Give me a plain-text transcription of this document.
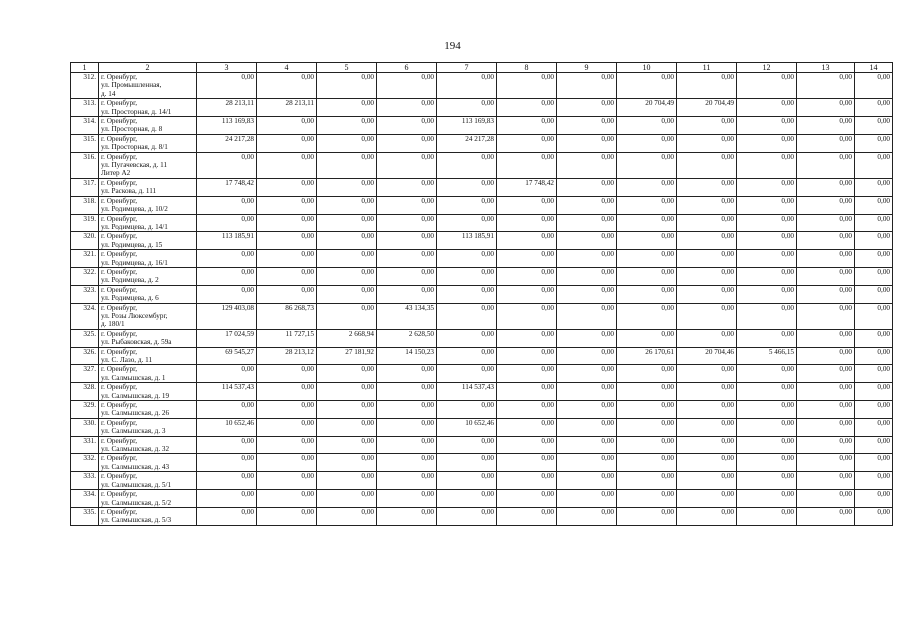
194
1	2	3	4	5	6	7	8	9	10	11	12	13	14
312.	г. Оренбург,
ул. Промышленная,
д. 14	0,00	0,00	0,00	0,00	0,00	0,00	0,00	0,00	0,00	0,00	0,00	0,00
313.	г. Оренбург,
ул. Просторная, д. 14/1	28 213,11	28 213,11	0,00	0,00	0,00	0,00	0,00	20 704,49	20 704,49	0,00	0,00	0,00
314.	г. Оренбург,
ул. Просторная, д. 8	113 169,83	0,00	0,00	0,00	113 169,83	0,00	0,00	0,00	0,00	0,00	0,00	0,00
315.	г. Оренбург,
ул. Просторная, д. 8/1	24 217,28	0,00	0,00	0,00	24 217,28	0,00	0,00	0,00	0,00	0,00	0,00	0,00
316.	г. Оренбург,
ул. Пугачевская, д. 11
Литер А2	0,00	0,00	0,00	0,00	0,00	0,00	0,00	0,00	0,00	0,00	0,00	0,00
317.	г. Оренбург,
ул. Раскова, д. 111	17 748,42	0,00	0,00	0,00	0,00	17 748,42	0,00	0,00	0,00	0,00	0,00	0,00
318.	г. Оренбург,
ул. Родимцева, д. 10/2	0,00	0,00	0,00	0,00	0,00	0,00	0,00	0,00	0,00	0,00	0,00	0,00
319.	г. Оренбург,
ул. Родимцева, д. 14/1	0,00	0,00	0,00	0,00	0,00	0,00	0,00	0,00	0,00	0,00	0,00	0,00
320.	г. Оренбург,
ул. Родимцева, д. 15	113 185,91	0,00	0,00	0,00	113 185,91	0,00	0,00	0,00	0,00	0,00	0,00	0,00
321.	г. Оренбург,
ул. Родимцева, д. 16/1	0,00	0,00	0,00	0,00	0,00	0,00	0,00	0,00	0,00	0,00	0,00	0,00
322.	г. Оренбург,
ул. Родимцева, д. 2	0,00	0,00	0,00	0,00	0,00	0,00	0,00	0,00	0,00	0,00	0,00	0,00
323.	г. Оренбург,
ул. Родимцева, д. 6	0,00	0,00	0,00	0,00	0,00	0,00	0,00	0,00	0,00	0,00	0,00	0,00
324.	г. Оренбург,
ул. Розы Люксембург,
д. 180/1	129 403,08	86 268,73	0,00	43 134,35	0,00	0,00	0,00	0,00	0,00	0,00	0,00	0,00
325.	г. Оренбург,
ул. Рыбаковская, д. 59а	17 024,59	11 727,15	2 668,94	2 628,50	0,00	0,00	0,00	0,00	0,00	0,00	0,00	0,00
326.	г. Оренбург,
ул. С. Лазо, д. 11	69 545,27	28 213,12	27 181,92	14 150,23	0,00	0,00	0,00	26 170,61	20 704,46	5 466,15	0,00	0,00
327.	г. Оренбург,
ул. Салмышская, д. 1	0,00	0,00	0,00	0,00	0,00	0,00	0,00	0,00	0,00	0,00	0,00	0,00
328.	г. Оренбург,
ул. Салмышская, д. 19	114 537,43	0,00	0,00	0,00	114 537,43	0,00	0,00	0,00	0,00	0,00	0,00	0,00
329.	г. Оренбург,
ул. Салмышская, д. 26	0,00	0,00	0,00	0,00	0,00	0,00	0,00	0,00	0,00	0,00	0,00	0,00
330.	г. Оренбург,
ул. Салмышская, д. 3	10 652,46	0,00	0,00	0,00	10 652,46	0,00	0,00	0,00	0,00	0,00	0,00	0,00
331.	г. Оренбург,
ул. Салмышская, д. 32	0,00	0,00	0,00	0,00	0,00	0,00	0,00	0,00	0,00	0,00	0,00	0,00
332.	г. Оренбург,
ул. Салмышская, д. 43	0,00	0,00	0,00	0,00	0,00	0,00	0,00	0,00	0,00	0,00	0,00	0,00
333.	г. Оренбург,
ул. Салмышская, д. 5/1	0,00	0,00	0,00	0,00	0,00	0,00	0,00	0,00	0,00	0,00	0,00	0,00
334.	г. Оренбург,
ул. Салмышская, д. 5/2	0,00	0,00	0,00	0,00	0,00	0,00	0,00	0,00	0,00	0,00	0,00	0,00
335.	г. Оренбург,
ул. Салмышская, д. 5/3	0,00	0,00	0,00	0,00	0,00	0,00	0,00	0,00	0,00	0,00	0,00	0,00
